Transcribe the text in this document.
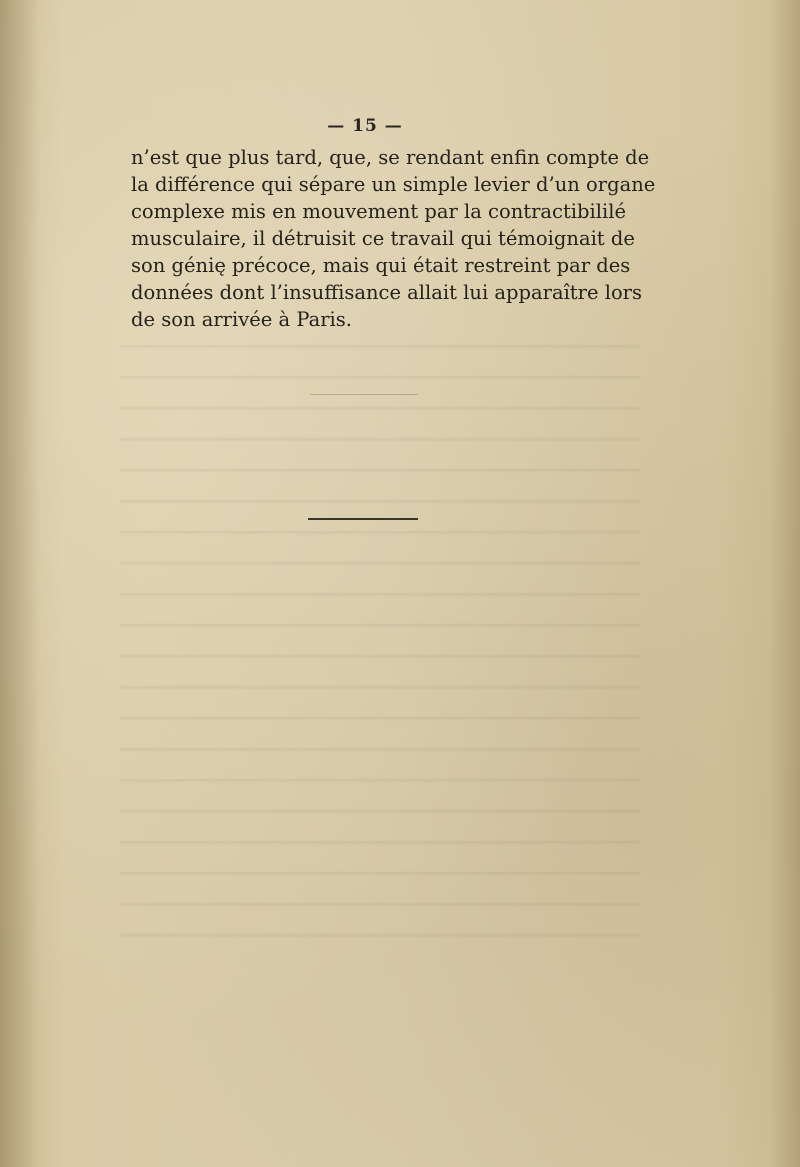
— 15 —
n’est que plus tard, que, se rendant enfin compte de
la différence qui sépare un simple levier d’un organe
complexe mis en mouvement par la contractibililé
musculaire, il détruisit ce travail qui témoignait de
son génię précoce, mais qui était restreint par des
données dont l’insuffisance allait lui apparaître lors
de son arrivée à Paris.
